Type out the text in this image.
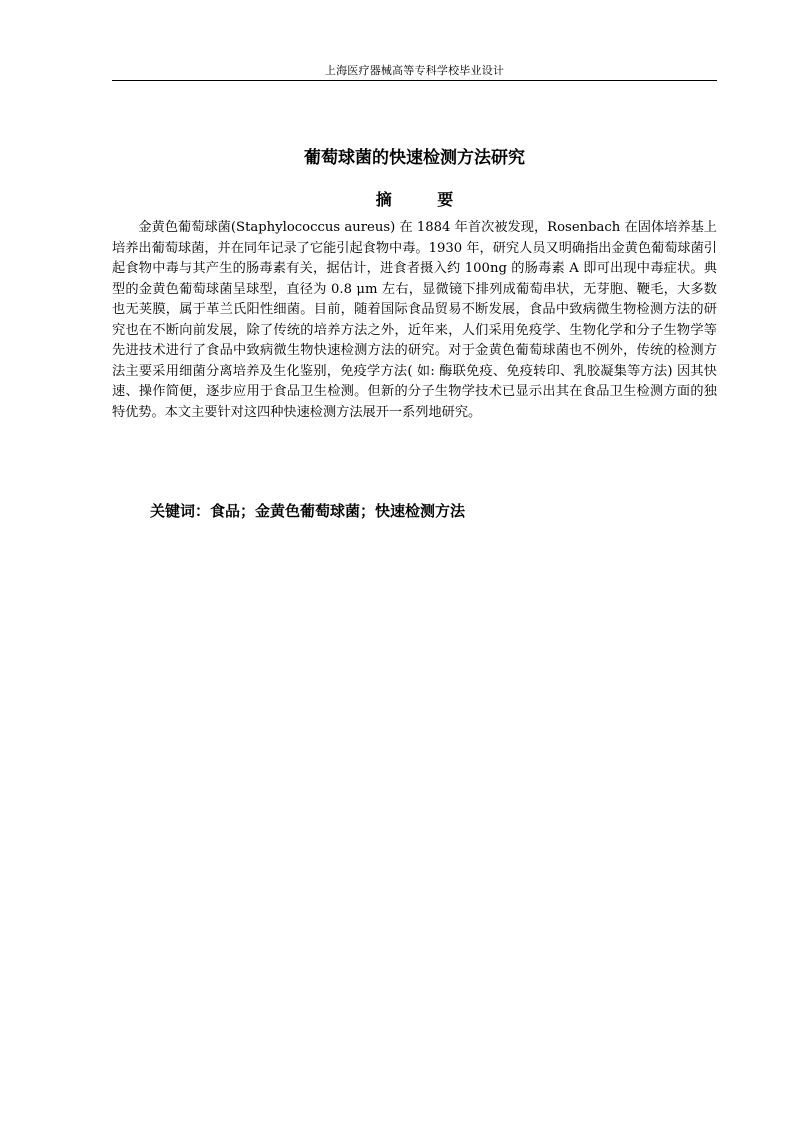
上海医疗器械高等专科学校毕业设计
葡萄球菌的快速检测方法研究
摘 要

金黄色葡萄球菌(Staphylococcus aureus) 在 1884 年首次被发现，Rosenbach 在固体培养基上培养出葡萄球菌，并在同年记录了它能引起食物中毒。1930 年，研究人员又明确指出金黄色葡萄球菌引起食物中毒与其产生的肠毒素有关，据估计，进食者摄入约 100ng 的肠毒素 A 即可出现中毒症状。典型的金黄色葡萄球菌呈球型，直径为 0.8 μm 左右，显微镜下排列成葡萄串状，无芽胞、鞭毛，大多数也无荚膜，属于革兰氏阳性细菌。目前，随着国际食品贸易不断发展，食品中致病微生物检测方法的研究也在不断向前发展，除了传统的培养方法之外，近年来，人们采用免疫学、生物化学和分子生物学等先进技术进行了食品中致病微生物快速检测方法的研究。对于金黄色葡萄球菌也不例外，传统的检测方法主要采用细菌分离培养及生化鉴别，免疫学方法( 如: 酶联免疫、免疫转印、乳胶凝集等方法) 因其快速、操作简便，逐步应用于食品卫生检测。但新的分子生物学技术已显示出其在食品卫生检测方面的独特优势。本文主要针对这四种快速检测方法展开一系列地研究。

关键词：食品；金黄色葡萄球菌；快速检测方法
